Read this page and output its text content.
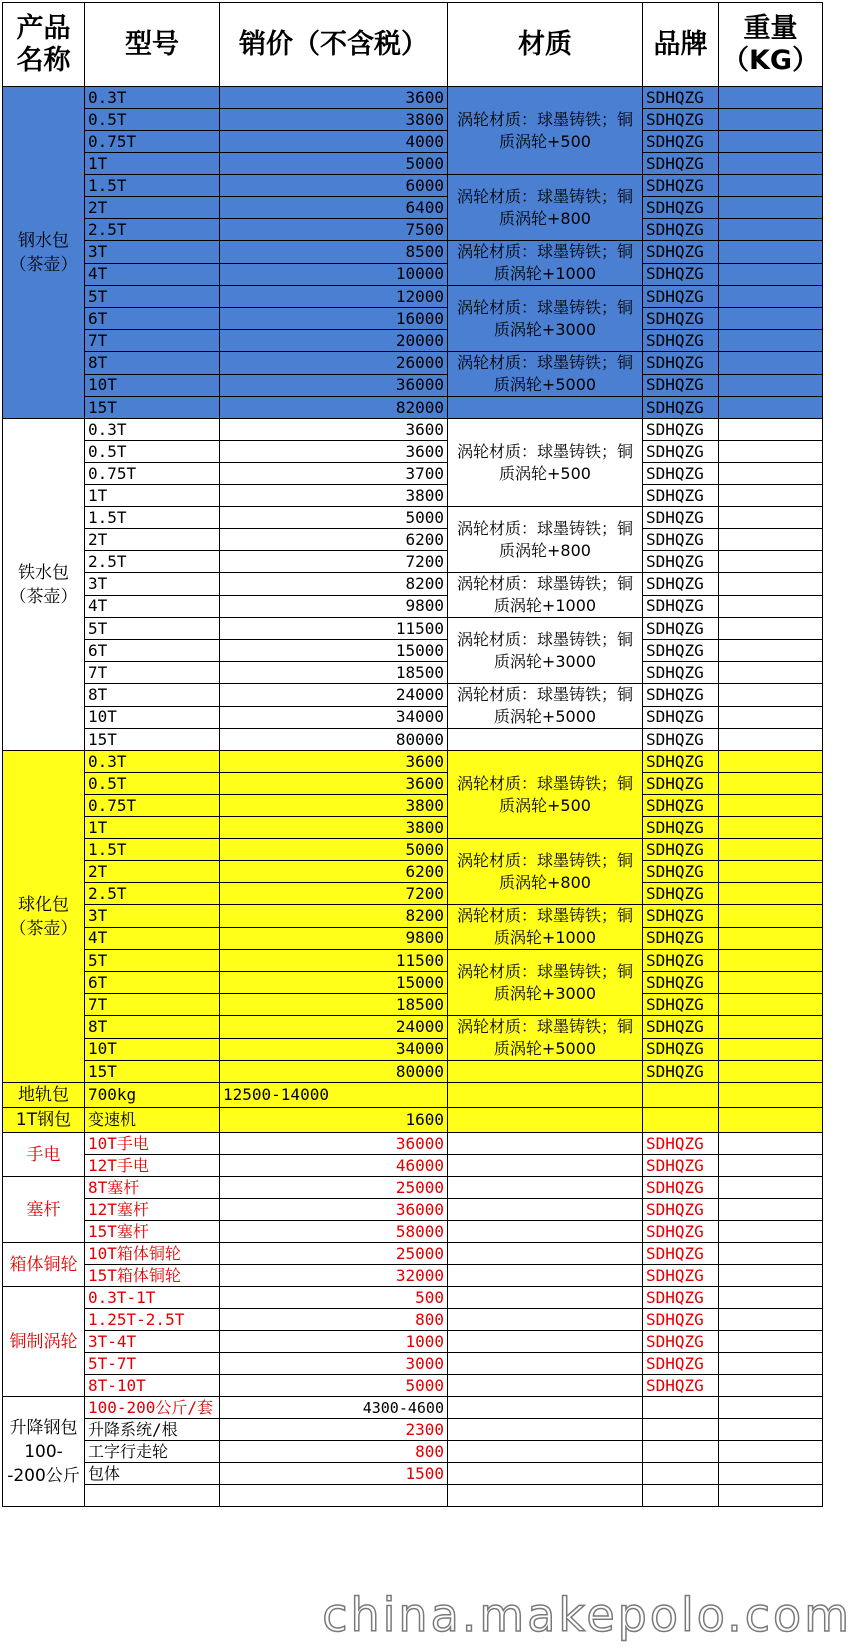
产品名称	型号	销价（不含税）	材质	品牌	重量（KG）
钢水包（茶壶）	0.3T	3600	涡轮材质：球墨铸铁；铜质涡轮+500	SDHQZG	
	0.5T	3800		SDHQZG	
	0.75T	4000		SDHQZG	
	1T	5000		SDHQZG	
	1.5T	6000	涡轮材质：球墨铸铁；铜质涡轮+800	SDHQZG	
	2T	6400		SDHQZG	
	2.5T	7500		SDHQZG	
	3T	8500	涡轮材质：球墨铸铁；铜质涡轮+1000	SDHQZG	
	4T	10000		SDHQZG	
	5T	12000	涡轮材质：球墨铸铁；铜质涡轮+3000	SDHQZG	
	6T	16000		SDHQZG	
	7T	20000		SDHQZG	
	8T	26000	涡轮材质：球墨铸铁；铜质涡轮+5000	SDHQZG	
	10T	36000		SDHQZG	
	15T	82000		SDHQZG	
铁水包（茶壶）	0.3T	3600	涡轮材质：球墨铸铁；铜质涡轮+500	SDHQZG	
	0.5T	3600		SDHQZG	
	0.75T	3700		SDHQZG	
	1T	3800		SDHQZG	
	1.5T	5000	涡轮材质：球墨铸铁；铜质涡轮+800	SDHQZG	
	2T	6200		SDHQZG	
	2.5T	7200		SDHQZG	
	3T	8200	涡轮材质：球墨铸铁；铜质涡轮+1000	SDHQZG	
	4T	9800		SDHQZG	
	5T	11500	涡轮材质：球墨铸铁；铜质涡轮+3000	SDHQZG	
	6T	15000		SDHQZG	
	7T	18500		SDHQZG	
	8T	24000	涡轮材质：球墨铸铁；铜质涡轮+5000	SDHQZG	
	10T	34000		SDHQZG	
	15T	80000		SDHQZG	
球化包（茶壶）	0.3T	3600	涡轮材质：球墨铸铁；铜质涡轮+500	SDHQZG	
	0.5T	3600		SDHQZG	
	0.75T	3800		SDHQZG	
	1T	3800		SDHQZG	
	1.5T	5000	涡轮材质：球墨铸铁；铜质涡轮+800	SDHQZG	
	2T	6200		SDHQZG	
	2.5T	7200		SDHQZG	
	3T	8200	涡轮材质：球墨铸铁；铜质涡轮+1000	SDHQZG	
	4T	9800		SDHQZG	
	5T	11500	涡轮材质：球墨铸铁；铜质涡轮+3000	SDHQZG	
	6T	15000		SDHQZG	
	7T	18500		SDHQZG	
	8T	24000	涡轮材质：球墨铸铁；铜质涡轮+5000	SDHQZG	
	10T	34000		SDHQZG	
	15T	80000		SDHQZG	
地轨包	700kg	12500-14000			
1T钢包	变速机	1600			
手电	10T手电	36000		SDHQZG	
	12T手电	46000		SDHQZG	
塞杆	8T塞杆	25000		SDHQZG	
	12T塞杆	36000		SDHQZG	
	15T塞杆	58000		SDHQZG	
箱体铜轮	10T箱体铜轮	25000		SDHQZG	
	15T箱体铜轮	32000		SDHQZG	
铜制涡轮	0.3T-1T	500		SDHQZG	
	1.25T-2.5T	800		SDHQZG	
	3T-4T	1000		SDHQZG	
	5T-7T	3000		SDHQZG	
	8T-10T	5000		SDHQZG	
升降钢包100--200公斤	100-200公斤/套	4300-4600			
	升降系统/根	2300			
	工字行走轮	800			
	包体	1500			

china.makepolo.com
